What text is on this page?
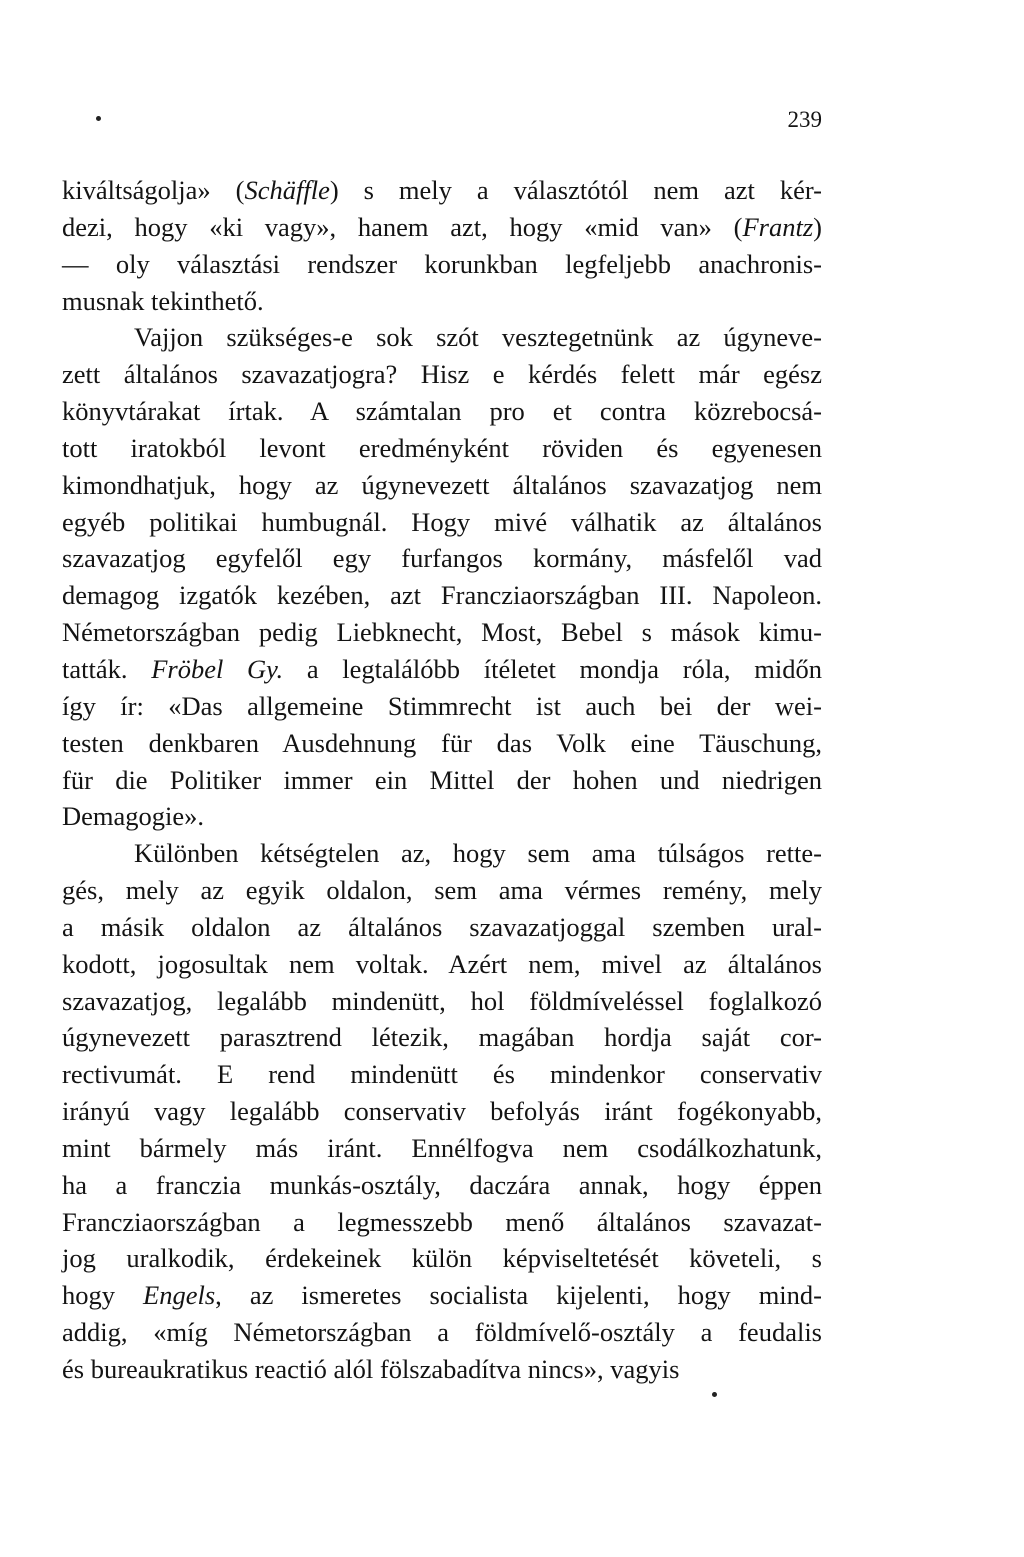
239
kiváltságolja» (Schäffle) s mely a választótól nem azt kér-
dezi, hogy «ki vagy», hanem azt, hogy «mid van» (Frantz)
— oly választási rendszer korunkban legfeljebb anachronis-
musnak tekinthető.
Vajjon szükséges-e sok szót vesztegetnünk az úgyneve-
zett általános szavazatjogra? Hisz e kérdés felett már egész
könyvtárakat írtak. A számtalan pro et contra közrebocsá-
tott iratokból levont eredményként röviden és egyenesen
kimondhatjuk, hogy az úgynevezett általános szavazatjog nem
egyéb politikai humbugnál. Hogy mivé válhatik az általános
szavazatjog egyfelől egy furfangos kormány, másfelől vad
demagog izgatók kezében, azt Francziaországban III. Napoleon.
Németországban pedig Liebknecht, Most, Bebel s mások kimu-
tatták. Fröbel Gy. a legtalálóbb ítéletet mondja róla, midőn
így ír: «Das allgemeine Stimmrecht ist auch bei der wei-
testen denkbaren Ausdehnung für das Volk eine Täuschung,
für die Politiker immer ein Mittel der hohen und niedrigen
Demagogie».
Különben kétségtelen az, hogy sem ama túlságos rette-
gés, mely az egyik oldalon, sem ama vérmes remény, mely
a másik oldalon az általános szavazatjoggal szemben ural-
kodott, jogosultak nem voltak. Azért nem, mivel az általános
szavazatjog, legalább mindenütt, hol földmíveléssel foglalkozó
úgynevezett parasztrend létezik, magában hordja saját cor-
rectivumát. E rend mindenütt és mindenkor conservativ
irányú vagy legalább conservativ befolyás iránt fogékonyabb,
mint bármely más iránt. Ennélfogva nem csodálkozhatunk,
ha a franczia munkás-osztály, daczára annak, hogy éppen
Francziaországban a legmesszebb menő általános szavazat-
jog uralkodik, érdekeinek külön képviseltetését követeli, s
hogy Engels, az ismeretes socialista kijelenti, hogy mind-
addig, «míg Németországban a földmívelő-osztály a feudalis
és bureaukratikus reactió alól fölszabadítva nincs», vagyis
